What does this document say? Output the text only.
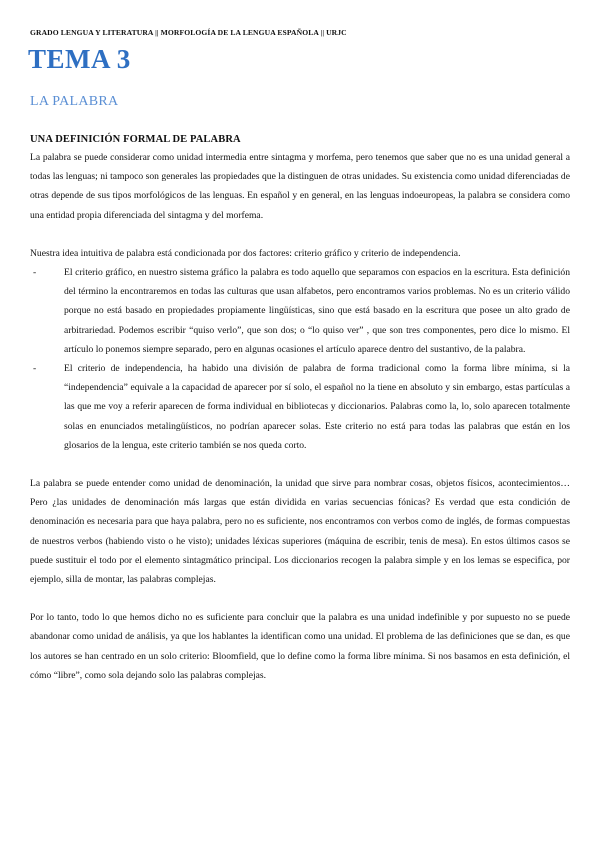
GRADO LENGUA Y LITERATURA || MORFOLOGÍA DE LA LENGUA ESPAÑOLA || URJC
TEMA 3
LA PALABRA
UNA DEFINICIÓN FORMAL DE PALABRA

La palabra se puede considerar como unidad intermedia entre sintagma y morfema, pero tenemos que saber que no es una unidad general a todas las lenguas; ni tampoco son generales las propiedades que la distinguen de otras unidades. Su existencia como unidad diferenciadas de otras depende de sus tipos morfológicos de las lenguas. En español y en general, en las lenguas indoeuropeas, la palabra se considera como una entidad propia diferenciada del sintagma y del morfema.

Nuestra idea intuitiva de palabra está condicionada por dos factores: criterio gráfico y criterio de independencia.

-	El criterio gráfico, en nuestro sistema gráfico la palabra es todo aquello que separamos con espacios en la escritura. Esta definición del término la encontraremos en todas las culturas que usan alfabetos, pero encontramos varios problemas. No es un criterio válido porque no está basado en propiedades propiamente lingüísticas, sino que está basado en la escritura que posee un alto grado de arbitrariedad. Podemos escribir “quiso verlo”, que son dos; o “lo quiso ver” , que son tres componentes, pero dice lo mismo. El artículo lo ponemos siempre separado, pero en algunas ocasiones el artículo aparece dentro del sustantivo, de la palabra.

-	El criterio de independencia, ha habido una división de palabra de forma tradicional como la forma libre mínima, si la “independencia” equivale a la capacidad de aparecer por sí solo, el español no la tiene en absoluto y sin embargo, estas partículas a las que me voy a referir aparecen de forma individual en bibliotecas y diccionarios. Palabras como la, lo, solo aparecen totalmente solas en enunciados metalingüísticos, no podrían aparecer solas. Este criterio no está para todas las palabras que están en los glosarios de la lengua, este criterio también se nos queda corto.

La palabra se puede entender como unidad de denominación, la unidad que sirve para nombrar cosas, objetos físicos, acontecimientos…Pero ¿las unidades de denominación más largas que están dividida en varias secuencias fónicas? Es verdad que esta condición de denominación es necesaria para que haya palabra, pero no es suficiente, nos encontramos con verbos como de inglés, de formas compuestas de nuestros verbos (habiendo visto o he visto); unidades léxicas superiores (máquina de escribir, tenis de mesa). En estos últimos casos se puede sustituir el todo por el elemento sintagmático principal. Los diccionarios recogen la palabra simple y en los lemas se especifica, por ejemplo, silla de montar, las palabras complejas.

Por lo tanto, todo lo que hemos dicho no es suficiente para concluir que la palabra es una unidad indefinible y por supuesto no se puede abandonar como unidad de análisis, ya que los hablantes la identifican como una unidad. El problema de las definiciones que se dan, es que los autores se han centrado en un solo criterio: Bloomfield, que lo define como la forma libre mínima. Si nos basamos en esta definición, el cómo “libre”, como sola dejando solo las palabras complejas.
